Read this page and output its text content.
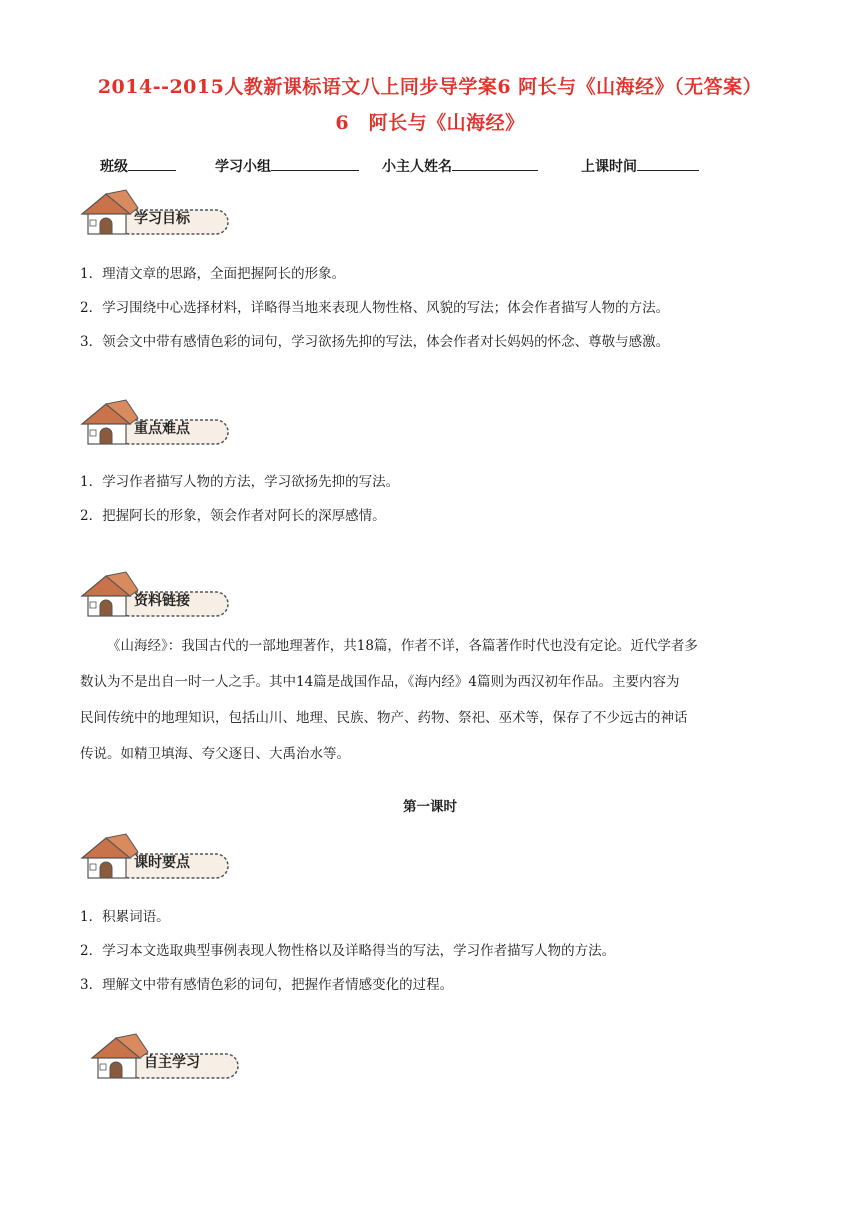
2014--2015人教新课标语文八上同步导学案6 阿长与《山海经》（无答案）
6　阿长与《山海经》
班级	学习小组	小主人姓名	上课时间
学习目标
1．理清文章的思路，全面把握阿长的形象。
2．学习围绕中心选择材料，详略得当地来表现人物性格、风貌的写法；体会作者描写人物的方法。
3．领会文中带有感情色彩的词句，学习欲扬先抑的写法，体会作者对长妈妈的怀念、尊敬与感激。
重点难点
1．学习作者描写人物的方法，学习欲扬先抑的写法。
2．把握阿长的形象，领会作者对阿长的深厚感情。
资料链接
《山海经》：我国古代的一部地理著作，共18篇，作者不详，各篇著作时代也没有定论。近代学者多
数认为不是出自一时一人之手。其中14篇是战国作品，《海内经》4篇则为西汉初年作品。主要内容为
民间传统中的地理知识，包括山川、地理、民族、物产、药物、祭祀、巫术等，保存了不少远古的神话
传说。如精卫填海、夸父逐日、大禹治水等。
第一课时
课时要点
1．积累词语。
2．学习本文选取典型事例表现人物性格以及详略得当的写法，学习作者描写人物的方法。
3．理解文中带有感情色彩的词句，把握作者情感变化的过程。
自主学习
